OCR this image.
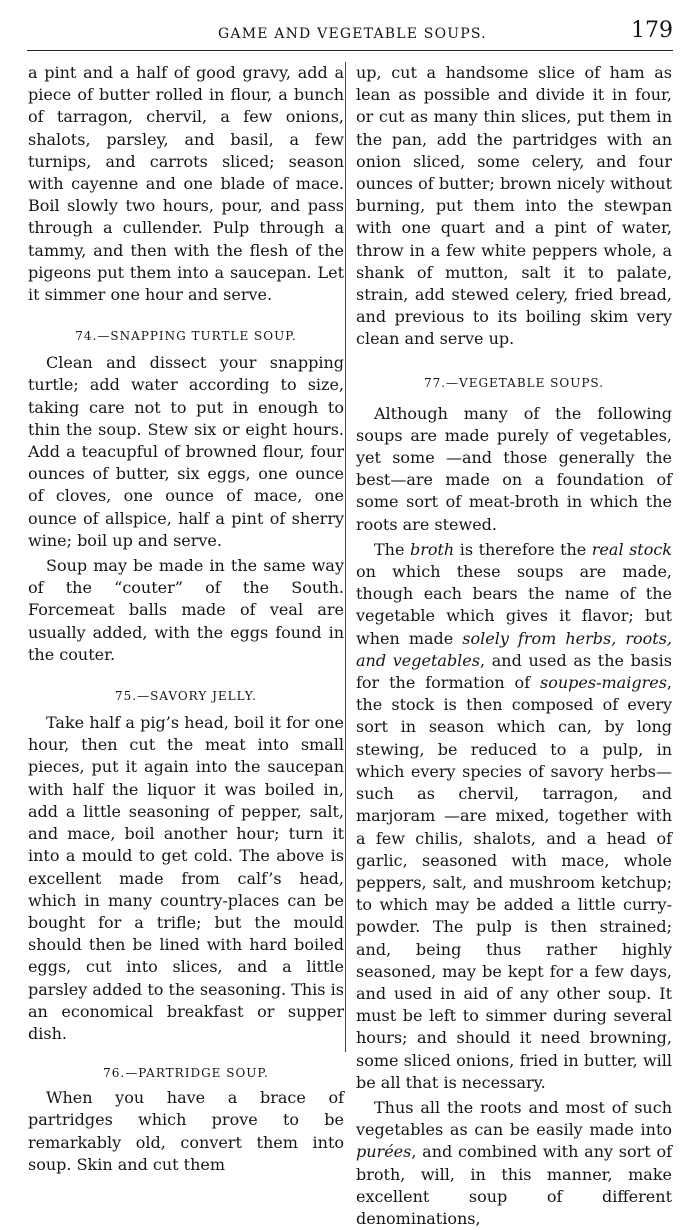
GAME AND VEGETABLE SOUPS.	179

a pint and a half of good gravy, add a piece of butter rolled in flour, a bunch of tarragon, chervil, a few onions, shalots, parsley, and basil, a few turnips, and carrots sliced; season with cayenne and one blade of mace. Boil slowly two hours, pour, and pass through a cullender. Pulp through a tammy, and then with the flesh of the pigeons put them into a saucepan. Let it simmer one hour and serve.

74.—SNAPPING TURTLE SOUP.

Clean and dissect your snapping turtle; add water according to size, taking care not to put in enough to thin the soup. Stew six or eight hours. Add a teacupful of browned flour, four ounces of butter, six eggs, one ounce of cloves, one ounce of mace, one ounce of allspice, half a pint of sherry wine; boil up and serve.

Soup may be made in the same way of the “couter” of the South. Forcemeat balls made of veal are usually added, with the eggs found in the couter.

75.—SAVORY JELLY.

Take half a pig’s head, boil it for one hour, then cut the meat into small pieces, put it again into the saucepan with half the liquor it was boiled in, add a little seasoning of pepper, salt, and mace, boil another hour; turn it into a mould to get cold. The above is excellent made from calf’s head, which in many country-places can be bought for a trifle; but the mould should then be lined with hard boiled eggs, cut into slices, and a little parsley added to the seasoning. This is an economical breakfast or supper dish.

76.—PARTRIDGE SOUP.

When you have a brace of partridges which prove to be remarkably old, convert them into soup. Skin and cut them

up, cut a handsome slice of ham as lean as possible and divide it in four, or cut as many thin slices, put them in the pan, add the partridges with an onion sliced, some celery, and four ounces of butter; brown nicely without burning, put them into the stewpan with one quart and a pint of water, throw in a few white peppers whole, a shank of mutton, salt it to palate, strain, add stewed celery, fried bread, and previous to its boiling skim very clean and serve up.

77.—VEGETABLE SOUPS.

Although many of the following soups are made purely of vegetables, yet some —and those generally the best—are made on a foundation of some sort of meat-broth in which the roots are stewed.

The broth is therefore the real stock on which these soups are made, though each bears the name of the vegetable which gives it flavor; but when made solely from herbs, roots, and vegetables, and used as the basis for the formation of soupes-maigres, the stock is then composed of every sort in season which can, by long stewing, be reduced to a pulp, in which every species of savory herbs—such as chervil, tarragon, and marjoram —are mixed, together with a few chilis, shalots, and a head of garlic, seasoned with mace, whole peppers, salt, and mushroom ketchup; to which may be added a little curry-powder. The pulp is then strained; and, being thus rather highly seasoned, may be kept for a few days, and used in aid of any other soup. It must be left to simmer during several hours; and should it need browning, some sliced onions, fried in butter, will be all that is necessary.

Thus all the roots and most of such vegetables as can be easily made into purées, and combined with any sort of broth, will, in this manner, make excellent soup of different denominations,
